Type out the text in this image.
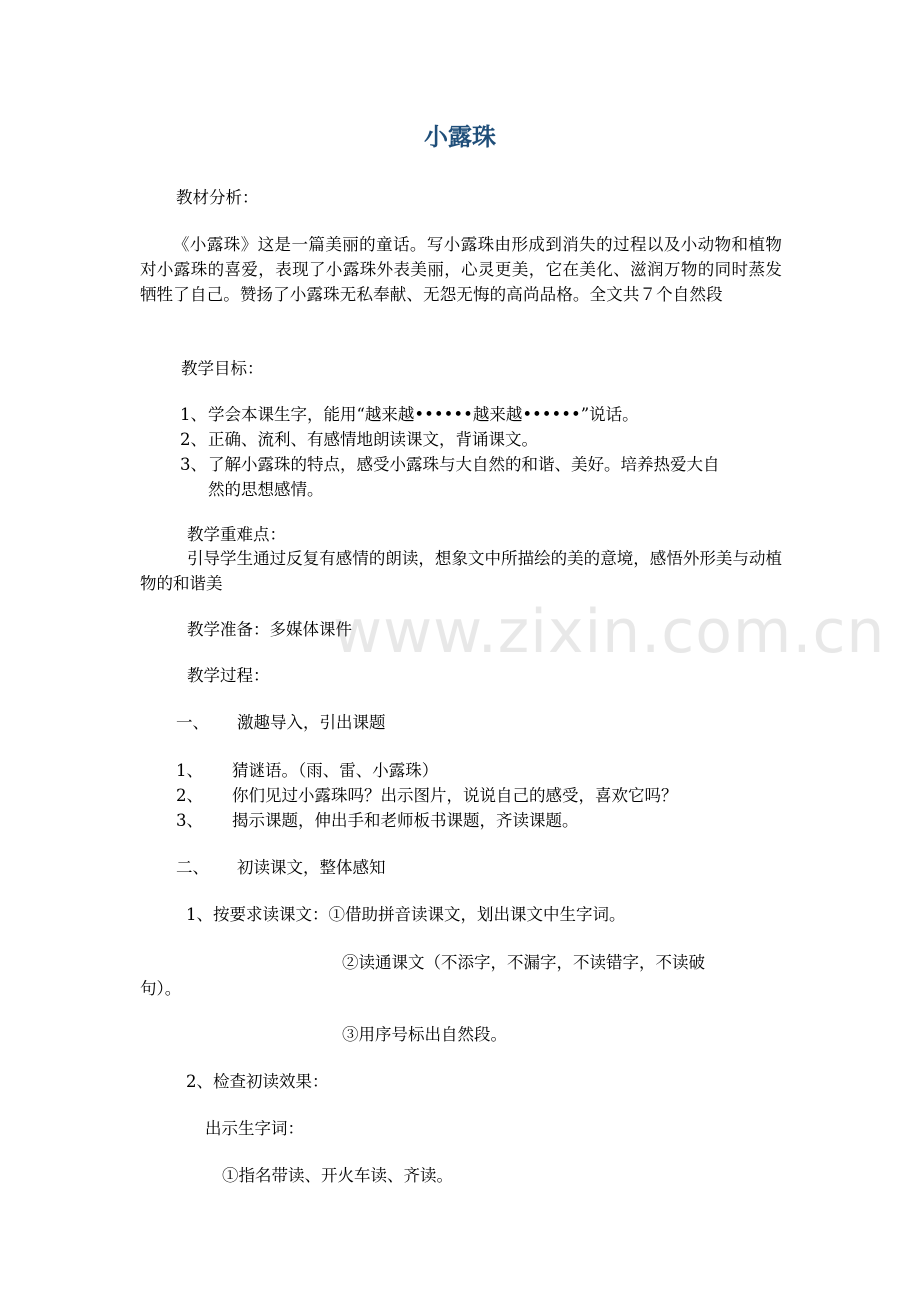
小露珠
教材分析：
《小露珠》这是一篇美丽的童话。写小露珠由形成到消失的过程以及小动物和植物对小露珠的喜爱，表现了小露珠外表美丽，心灵更美，它在美化、滋润万物的同时蒸发牺牲了自己。赞扬了小露珠无私奉献、无怨无悔的高尚品格。全文共７个自然段
教学目标：
1、 学会本课生字，能用“越来越••••••越来越••••••”说话。
2、 正确、流利、有感情地朗读课文，背诵课文。
3、 了解小露珠的特点，感受小露珠与大自然的和谐、美好。培养热爱大自
然的思想感情。
教学重难点：
引导学生通过反复有感情的朗读，想象文中所描绘的美的意境，感悟外形美与动植物的和谐美
www.zixin.com.cn
教学准备：多媒体课件
教学过程：
一、 激趣导入，引出课题
1、 猜谜语。（雨、雷、小露珠）
2、 你们见过小露珠吗？出示图片，说说自己的感受，喜欢它吗？
3、 揭示课题，伸出手和老师板书课题，齐读课题。
二、 初读课文，整体感知
1、按要求读课文：①借助拼音读课文，划出课文中生字词。
②读通课文（不添字，不漏字，不读错字，不读破
句）。
③用序号标出自然段。
2、检查初读效果：
出示生字词：
①指名带读、开火车读、齐读。
